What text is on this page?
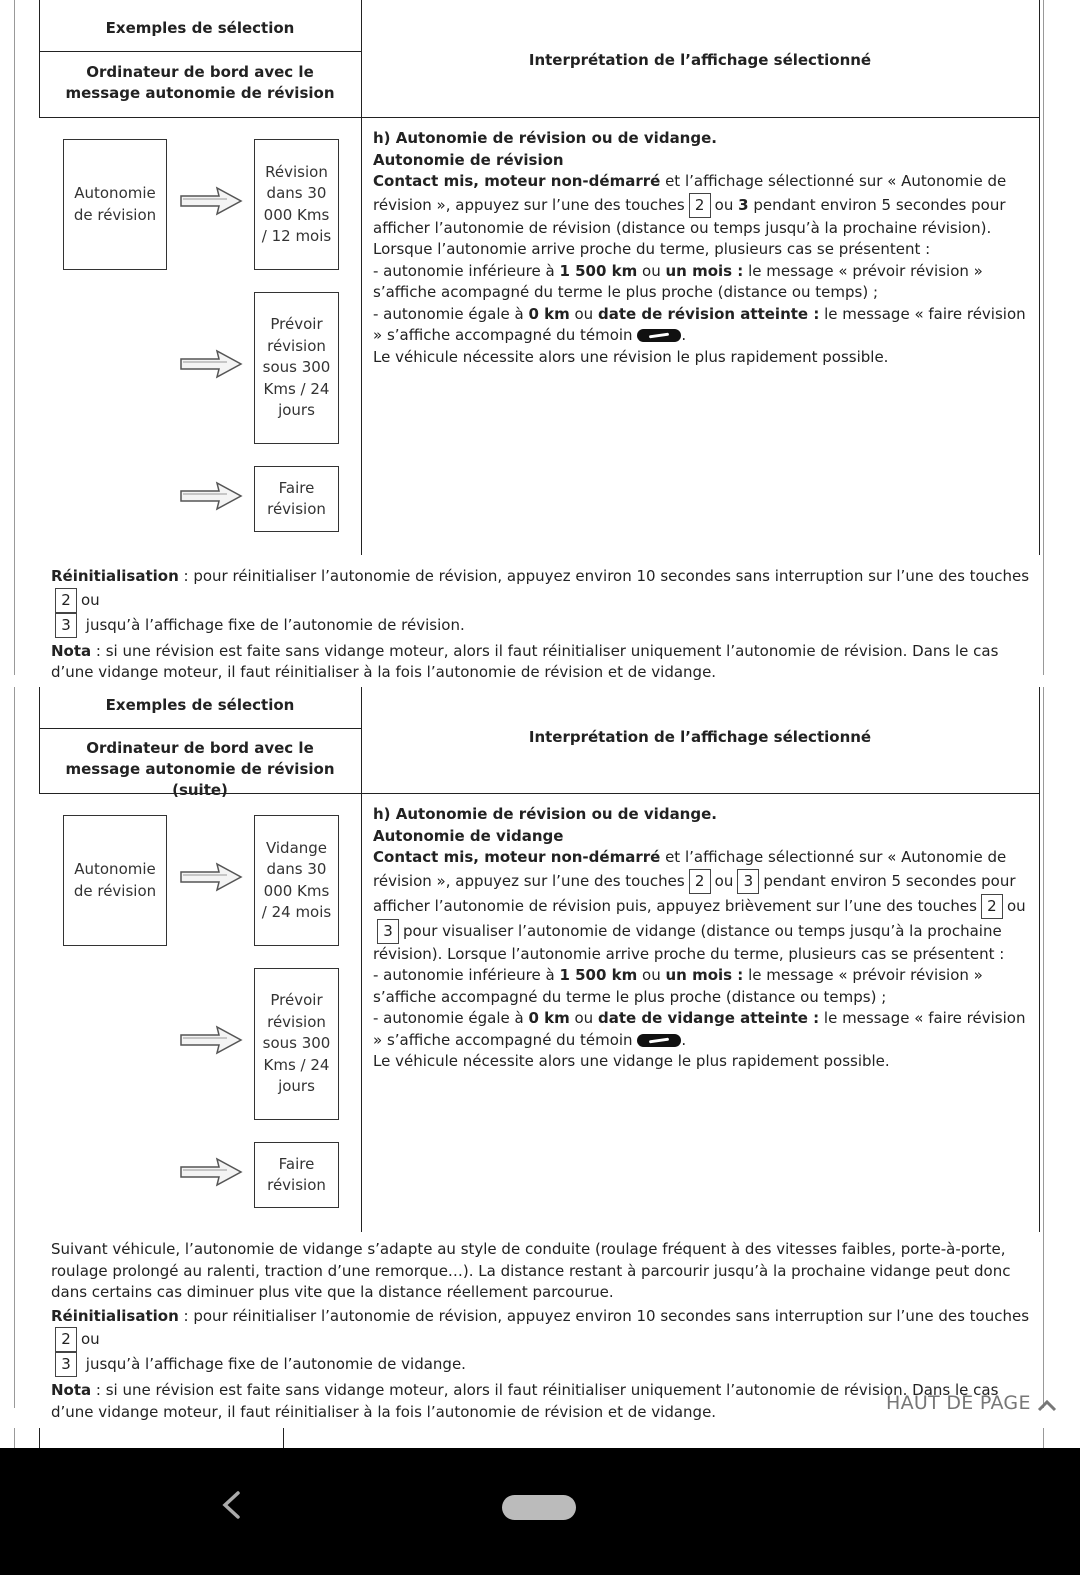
Exemples de sélection
Ordinateur de bord avec le message autonomie de révision
Interprétation de l’affichage sélectionné
Autonomie de révision
Révision dans 30 000 Kms / 12 mois
Prévoir révision sous 300 Kms / 24 jours
Faire révision

h) Autonomie de révision ou de vidange.

Autonomie de révision

Contact mis, moteur non-démarré et l’affichage sélectionné sur « Autonomie de révision », appuyez sur l’une des touches 2 ou 3 pendant environ 5 secondes pour afficher l’autonomie de révision (distance ou temps jusqu’à la prochaine révision). Lorsque l’autonomie arrive proche du terme, plusieurs cas se présentent :

- autonomie inférieure à 1 500 km ou un mois : le message « prévoir révision » s’affiche acompagné du terme le plus proche (distance ou temps) ;

- autonomie égale à 0 km ou date de révision atteinte : le message « faire révision » s’affiche accompagné du témoin	.

Le véhicule nécessite alors une révision le plus rapidement possible.

Réinitialisation : pour réinitialiser l’autonomie de révision, appuyez environ 10 secondes sans interruption sur l’une des touches2 ou
3 jusqu’à l’affichage fixe de l’autonomie de révision.

Nota : si une révision est faite sans vidange moteur, alors il faut réinitialiser uniquement l’autonomie de révision. Dans le cas d’une vidange moteur, il faut réinitialiser à la fois l’autonomie de révision et de vidange.

Exemples de sélection
Ordinateur de bord avec le message autonomie de révision (suite)
Interprétation de l’affichage sélectionné
Autonomie de révision
Vidange dans 30 000 Kms / 24 mois
Prévoir révision sous 300 Kms / 24 jours
Faire révision

h) Autonomie de révision ou de vidange.

Autonomie de vidange

Contact mis, moteur non-démarré et l’affichage sélectionné sur « Autonomie de révision », appuyez sur l’une des touches 2 ou 3 pendant environ 5 secondes pour afficher l’autonomie de révision puis, appuyez brièvement sur l’une des touches 2 ou3 pour visualiser l’autonomie de vidange (distance ou temps jusqu’à la prochaine révision). Lorsque l’autonomie arrive proche du terme, plusieurs cas se présentent :

- autonomie inférieure à 1 500 km ou un mois : le message « prévoir révision » s’affiche accompagné du terme le plus proche (distance ou temps) ;

- autonomie égale à 0 km ou date de vidange atteinte : le message « faire révision » s’affiche accompagné du témoin	.

Le véhicule nécessite alors une vidange le plus rapidement possible.

Suivant véhicule, l’autonomie de vidange s’adapte au style de conduite (roulage fréquent à des vitesses faibles, porte-à-porte, roulage prolongé au ralenti, traction d’une remorque…). La distance restant à parcourir jusqu’à la prochaine vidange peut donc dans certains cas diminuer plus vite que la distance réellement parcourue.

Réinitialisation : pour réinitialiser l’autonomie de révision, appuyez environ 10 secondes sans interruption sur l’une des touches2 ou
3 jusqu’à l’affichage fixe de l’autonomie de vidange.

Nota : si une révision est faite sans vidange moteur, alors il faut réinitialiser uniquement l’autonomie de révision. Dans le cas d’une vidange moteur, il faut réinitialiser à la fois l’autonomie de révision et de vidange.	HAUT DE PAGE
